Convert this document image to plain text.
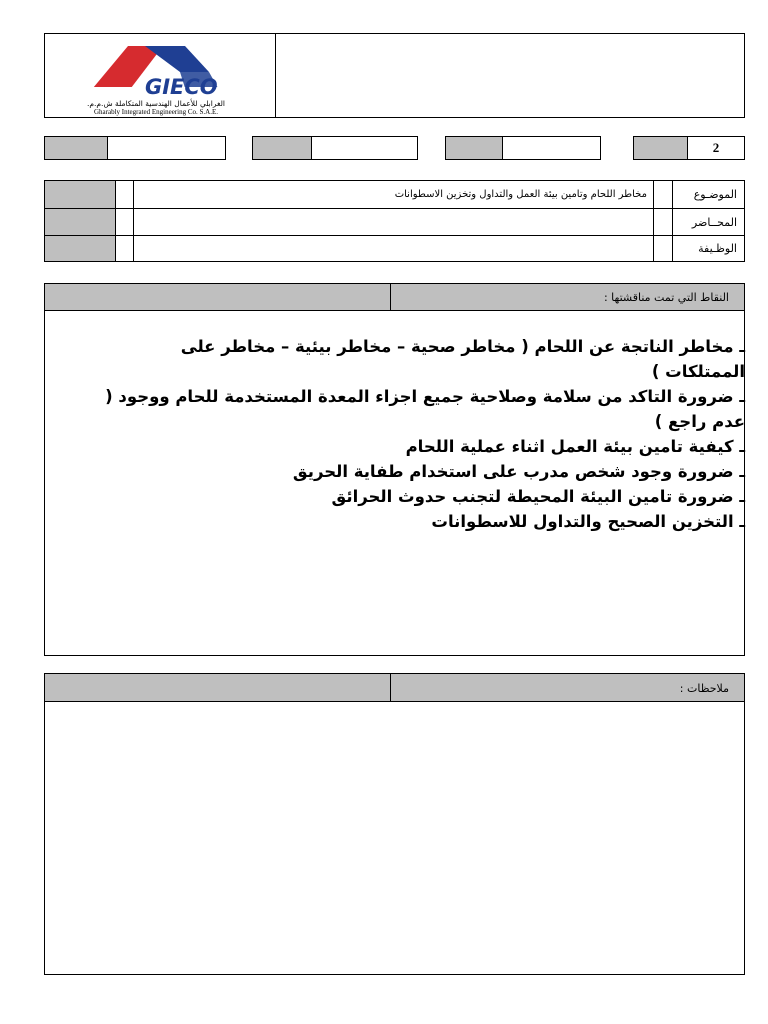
GIECO
الغرابلي للأعمال الهندسية المتكاملة ش.م.م.
Gharably Integrated Engineering Co. S.A.E.
2
الموضـوع
مخاطر اللحام وتامين بيئة العمل والتداول وتخزين الاسطوانات
المحــاضر
الوظـيفة
النقاط التي تمت مناقشتها :
ـ مخاطر الناتجة عن اللحام ( مخاطر صحية – مخاطر بيئية – مخاطر على الممتلكات )
ـ ضرورة التاكد من سلامة وصلاحية جميع اجزاء المعدة المستخدمة للحام ووجود ( عدم راجع )
ـ كيفية تامين بيئة العمل اثناء عملية اللحام
ـ ضرورة وجود شخص مدرب على استخدام طفاية الحريق
ـ ضرورة تامين البيئة المحيطة لتجنب حدوث الحرائق
ـ التخزين الصحيح والتداول للاسطوانات
ملاحظات :
